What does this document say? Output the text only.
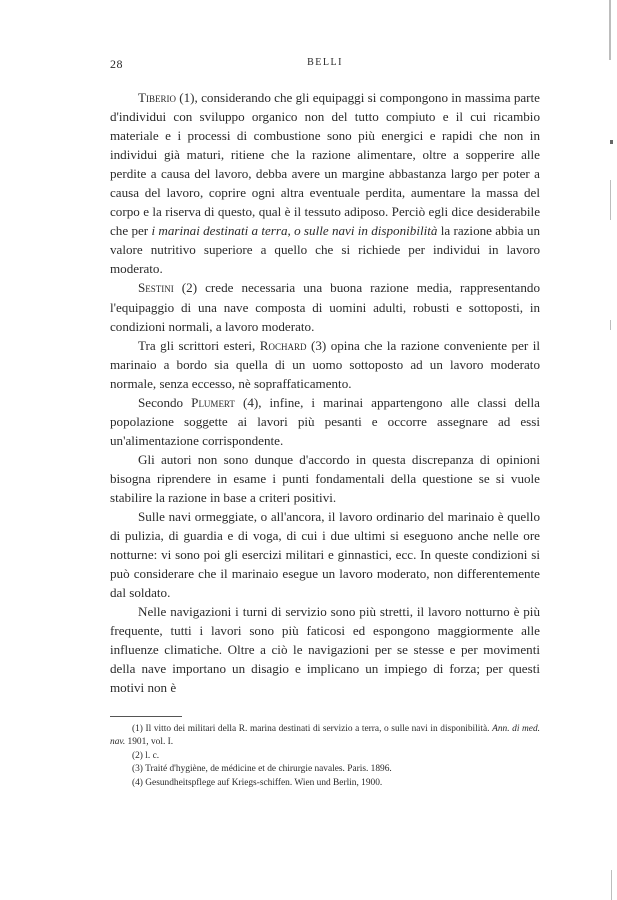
28	BELLI

Tiberio (1), considerando che gli equipaggi si compongono in massima parte d'individui con sviluppo organico non del tutto compiuto e il cui ricambio materiale e i processi di combustione sono più energici e rapidi che non in individui già maturi, ritiene che la razione alimentare, oltre a sopperire alle perdite a causa del lavoro, debba avere un margine abbastanza largo per poter a causa del lavoro, coprire ogni altra eventuale perdita, aumentare la massa del corpo e la riserva di questo, qual è il tessuto adiposo. Perciò egli dice desiderabile che per i marinai destinati a terra, o sulle navi in disponibilità la razione abbia un valore nutritivo superiore a quello che si richiede per individui in lavoro moderato.

Sestini (2) crede necessaria una buona razione media, rappresentando l'equipaggio di una nave composta di uomini adulti, robusti e sottoposti, in condizioni normali, a lavoro moderato.

Tra gli scrittori esteri, Rochard (3) opina che la razione conveniente per il marinaio a bordo sia quella di un uomo sottoposto ad un lavoro moderato normale, senza eccesso, nè sopraffaticamento.

Secondo Plumert (4), infine, i marinai appartengono alle classi della popolazione soggette ai lavori più pesanti e occorre assegnare ad essi un'alimentazione corrispondente.

Gli autori non sono dunque d'accordo in questa discrepanza di opinioni bisogna riprendere in esame i punti fondamentali della questione se si vuole stabilire la razione in base a criteri positivi.

Sulle navi ormeggiate, o all'ancora, il lavoro ordinario del marinaio è quello di pulizia, di guardia e di voga, di cui i due ultimi si eseguono anche nelle ore notturne: vi sono poi gli esercizi militari e ginnastici, ecc. In queste condizioni si può considerare che il marinaio esegue un lavoro moderato, non differentemente dal soldato.

Nelle navigazioni i turni di servizio sono più stretti, il lavoro notturno è più frequente, tutti i lavori sono più faticosi ed espongono maggiormente alle influenze climatiche. Oltre a ciò le navigazioni per se stesse e per movimenti della nave importano un disagio e implicano un impiego di forza; per questi motivi non è

(1) Il vitto dei militari della R. marina destinati di servizio a terra, o sulle navi in disponibilità. Ann. di med. nav. 1901, vol. I.

(2) l. c.

(3) Traité d'hygiène, de médicine et de chirurgie navales. Paris. 1896.

(4) Gesundheitspflege auf Kriegs-schiffen. Wien und Berlin, 1900.
